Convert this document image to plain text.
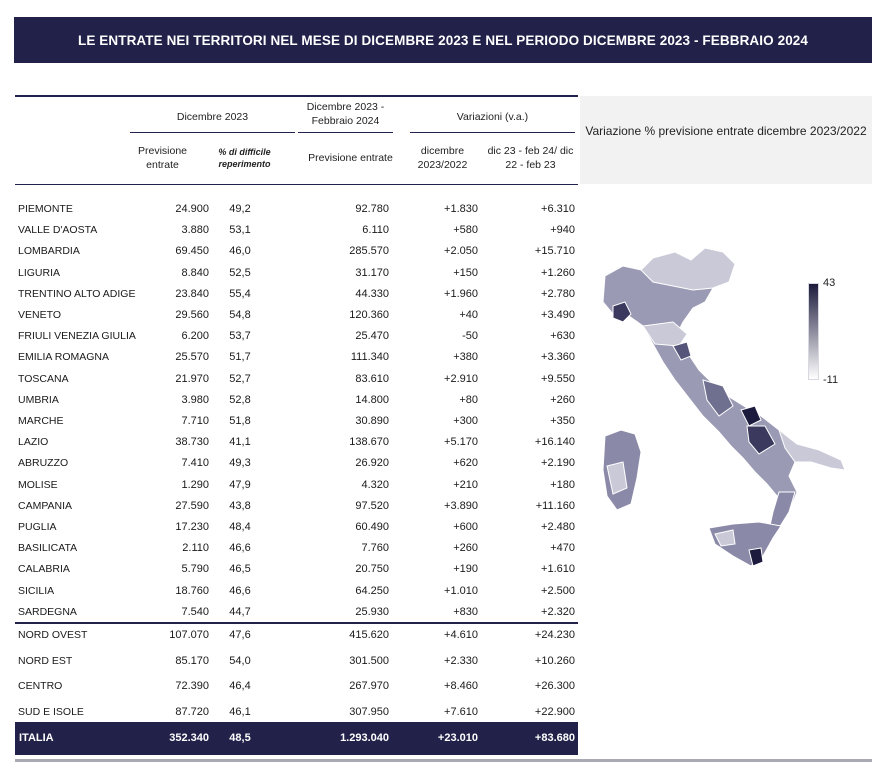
LE ENTRATE NEI TERRITORI NEL MESE DI DICEMBRE 2023 E NEL PERIODO DICEMBRE 2023 - FEBBRAIO 2024
Dicembre 2023
Dicembre 2023 - Febbraio 2024	Variazioni (v.a.)
Previsione entrate
% di difficile reperimento	Previsione entrate
dicembre 2023/2022
dic 23 - feb 24/ dic 22 - feb 23
PIEMONTE	24.900	49,2	92.780	+1.830	+6.310
VALLE D'AOSTA	3.880	53,1	6.110	+580	+940
LOMBARDIA	69.450	46,0	285.570	+2.050	+15.710
LIGURIA	8.840	52,5	31.170	+150	+1.260
TRENTINO ALTO ADIGE	23.840	55,4	44.330	+1.960	+2.780
VENETO	29.560	54,8	120.360	+40	+3.490
FRIULI VENEZIA GIULIA	6.200	53,7	25.470	-50	+630
EMILIA ROMAGNA	25.570	51,7	111.340	+380	+3.360
TOSCANA	21.970	52,7	83.610	+2.910	+9.550
UMBRIA	3.980	52,8	14.800	+80	+260
MARCHE	7.710	51,8	30.890	+300	+350
LAZIO	38.730	41,1	138.670	+5.170	+16.140
ABRUZZO	7.410	49,3	26.920	+620	+2.190
MOLISE	1.290	47,9	4.320	+210	+180
CAMPANIA	27.590	43,8	97.520	+3.890	+11.160
PUGLIA	17.230	48,4	60.490	+600	+2.480
BASILICATA	2.110	46,6	7.760	+260	+470
CALABRIA	5.790	46,5	20.750	+190	+1.610
SICILIA	18.760	46,6	64.250	+1.010	+2.500
SARDEGNA	7.540	44,7	25.930	+830	+2.320
NORD OVEST	107.070	47,6	415.620	+4.610	+24.230
NORD EST	85.170	54,0	301.500	+2.330	+10.260
CENTRO	72.390	46,4	267.970	+8.460	+26.300
SUD E ISOLE	87.720	46,1	307.950	+7.610	+22.900
ITALIA	352.340	48,5	1.293.040	+23.010	+83.680
Variazione % previsione entrate dicembre 2023/2022
43
-11
